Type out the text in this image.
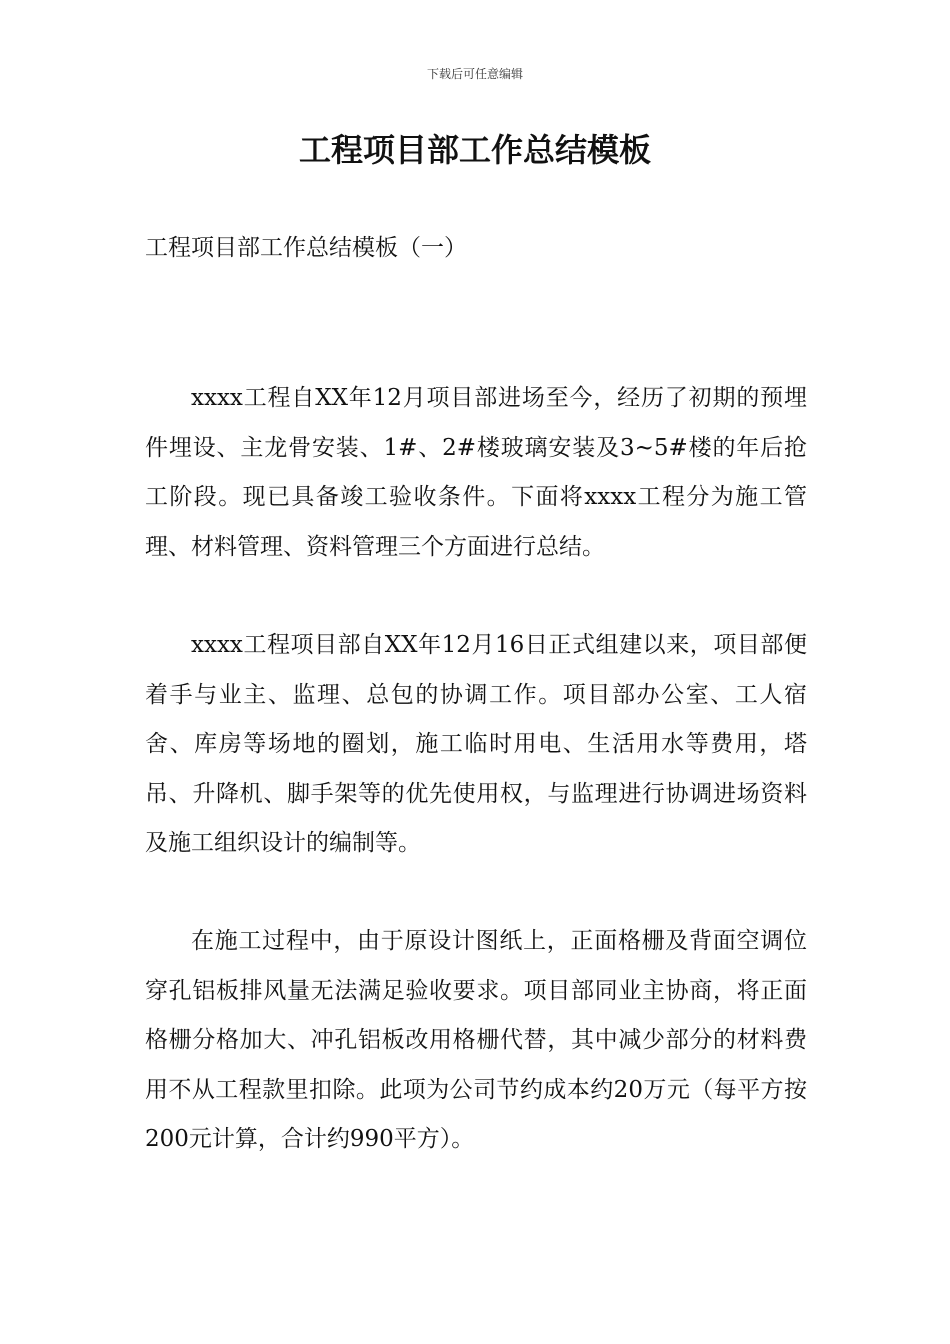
下载后可任意编辑
工程项目部工作总结模板

工程项目部工作总结模板（一）

xxxx工程自XX年12月项目部进场至今，经历了初期的预埋件埋设、主龙骨安装、1#、2#楼玻璃安装及3~5#楼的年后抢工阶段。现已具备竣工验收条件。下面将xxxx工程分为施工管理、材料管理、资料管理三个方面进行总结。

xxxx工程项目部自XX年12月16日正式组建以来，项目部便着手与业主、监理、总包的协调工作。项目部办公室、工人宿舍、库房等场地的圈划，施工临时用电、生活用水等费用，塔吊、升降机、脚手架等的优先使用权，与监理进行协调进场资料及施工组织设计的编制等。

在施工过程中，由于原设计图纸上，正面格栅及背面空调位穿孔铝板排风量无法满足验收要求。项目部同业主协商，将正面格栅分格加大、冲孔铝板改用格栅代替，其中减少部分的材料费用不从工程款里扣除。此项为公司节约成本约20万元（每平方按200元计算，合计约990平方）。
